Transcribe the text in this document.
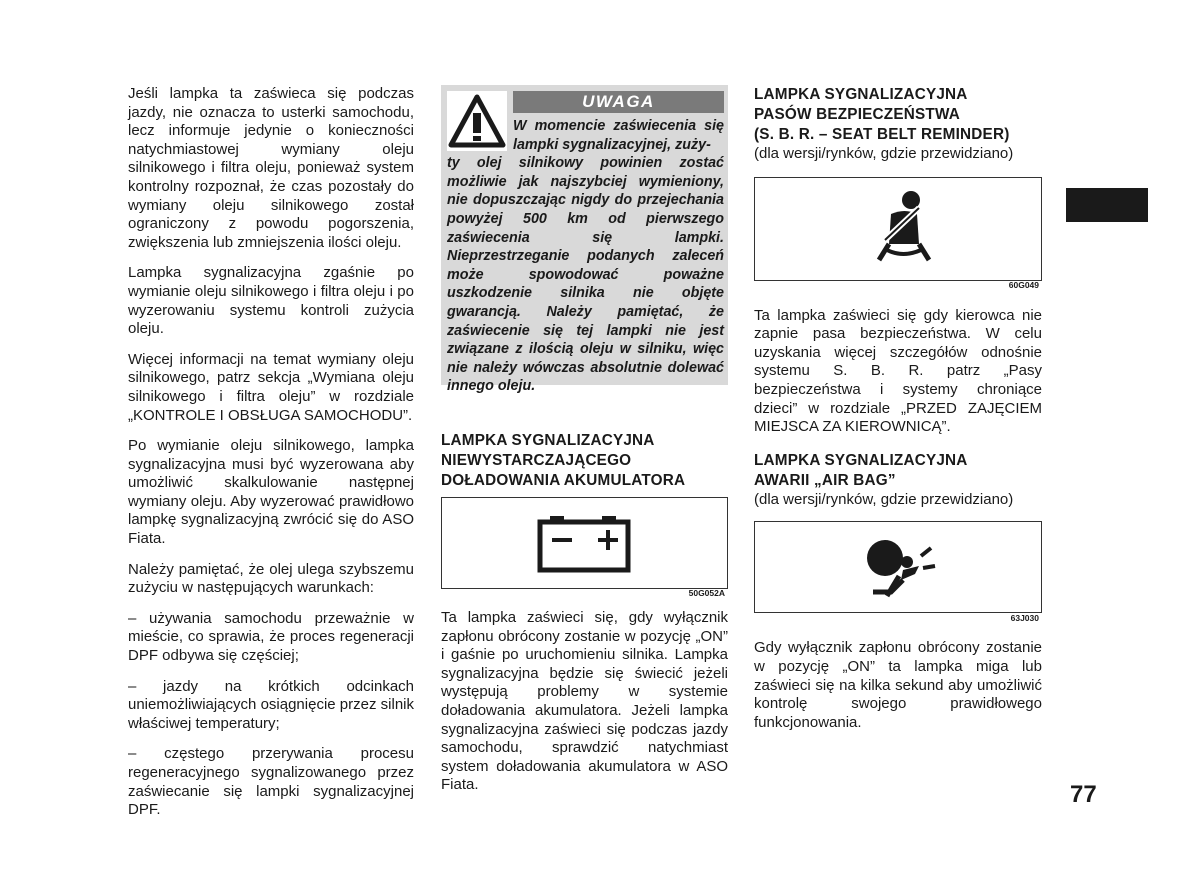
Jeśli lampka ta zaświeca się podczas jazdy, nie oznacza to usterki samochodu, lecz informuje jedynie o konieczności natychmiastowej wymiany oleju silnikowego i filtra oleju, ponieważ system kontrolny rozpoznał, że czas pozostały do wymiany oleju silnikowego został ograniczony z powodu pogorszenia, zwiększenia lub zmniejszenia ilości oleju.

Lampka sygnalizacyjna zgaśnie po wymianie oleju silnikowego i filtra oleju i po wyzerowaniu systemu kontroli zużycia oleju.

Więcej informacji na temat wymiany oleju silnikowego, patrz sekcja „Wymiana oleju silnikowego i filtra oleju” w rozdziale „KONTROLE I OBSŁUGA SAMOCHODU”.

Po wymianie oleju silnikowego, lampka sygnalizacyjna musi być wyzerowana aby umożliwić skalkulowanie następnej wymiany oleju. Aby wyzerować prawidłowo lampkę sygnalizacyjną zwrócić się do ASO Fiata.

Należy pamiętać, że olej ulega szybszemu zużyciu w następujących warunkach:

– używania samochodu przeważnie w mieście, co sprawia, że proces regeneracji DPF odbywa się częściej;

– jazdy na krótkich odcinkach uniemożliwiających osiągnięcie przez silnik właściwej temperatury;

– częstego przerywania procesu regeneracyjnego sygnalizowanego przez zaświecanie się lampki sygnalizacyjnej DPF.

UWAGA
W momencie zaświecenia się lampki sygnalizacyjnej, zuży-
ty olej silnikowy powinien zostać możliwie jak najszybciej wymieniony, nie dopuszczając nigdy do przejechania powyżej 500 km od pierwszego zaświecenia się lampki. Nieprzestrzeganie podanych zaleceń może spowodować poważne uszkodzenie silnika nie objęte gwarancją. Należy pamiętać, że zaświecenie się tej lampki nie jest związane z ilością oleju w silniku, więc nie należy wówczas absolutnie dolewać innego oleju.
LAMPKA SYGNALIZACYJNA
NIEWYSTARCZAJĄCEGO
DOŁADOWANIA AKUMULATORA
50G052A

Ta lampka zaświeci się, gdy wyłącznik zapłonu obrócony zostanie w pozycję „ON” i gaśnie po uruchomieniu silnika. Lampka sygnalizacyjna będzie się świecić jeżeli występują problemy w systemie doładowania akumulatora. Jeżeli lampka sygnalizacyjna zaświeci się podczas jazdy samochodu, sprawdzić natychmiast system doładowania akumulatora w ASO Fiata.

LAMPKA SYGNALIZACYJNA
PASÓW BEZPIECZEŃSTWA
(S. B. R. – SEAT BELT REMINDER)
(dla wersji/rynków, gdzie przewidziano)
60G049

Ta lampka zaświeci się gdy kierowca nie zapnie pasa bezpieczeństwa. W celu uzyskania więcej szczegółów odnośnie systemu S. B. R. patrz „Pasy bezpieczeństwa i systemy chroniące dzieci” w rozdziale „PRZED ZAJĘCIEM MIEJSCA ZA KIEROWNICĄ”.

LAMPKA SYGNALIZACYJNA
AWARII „AIR BAG”
(dla wersji/rynków, gdzie przewidziano)
63J030

Gdy wyłącznik zapłonu obrócony zostanie w pozycję „ON” ta lampka miga lub zaświeci się na kilka sekund aby umożliwić kontrolę swojego prawidłowego funkcjonowania.

77
